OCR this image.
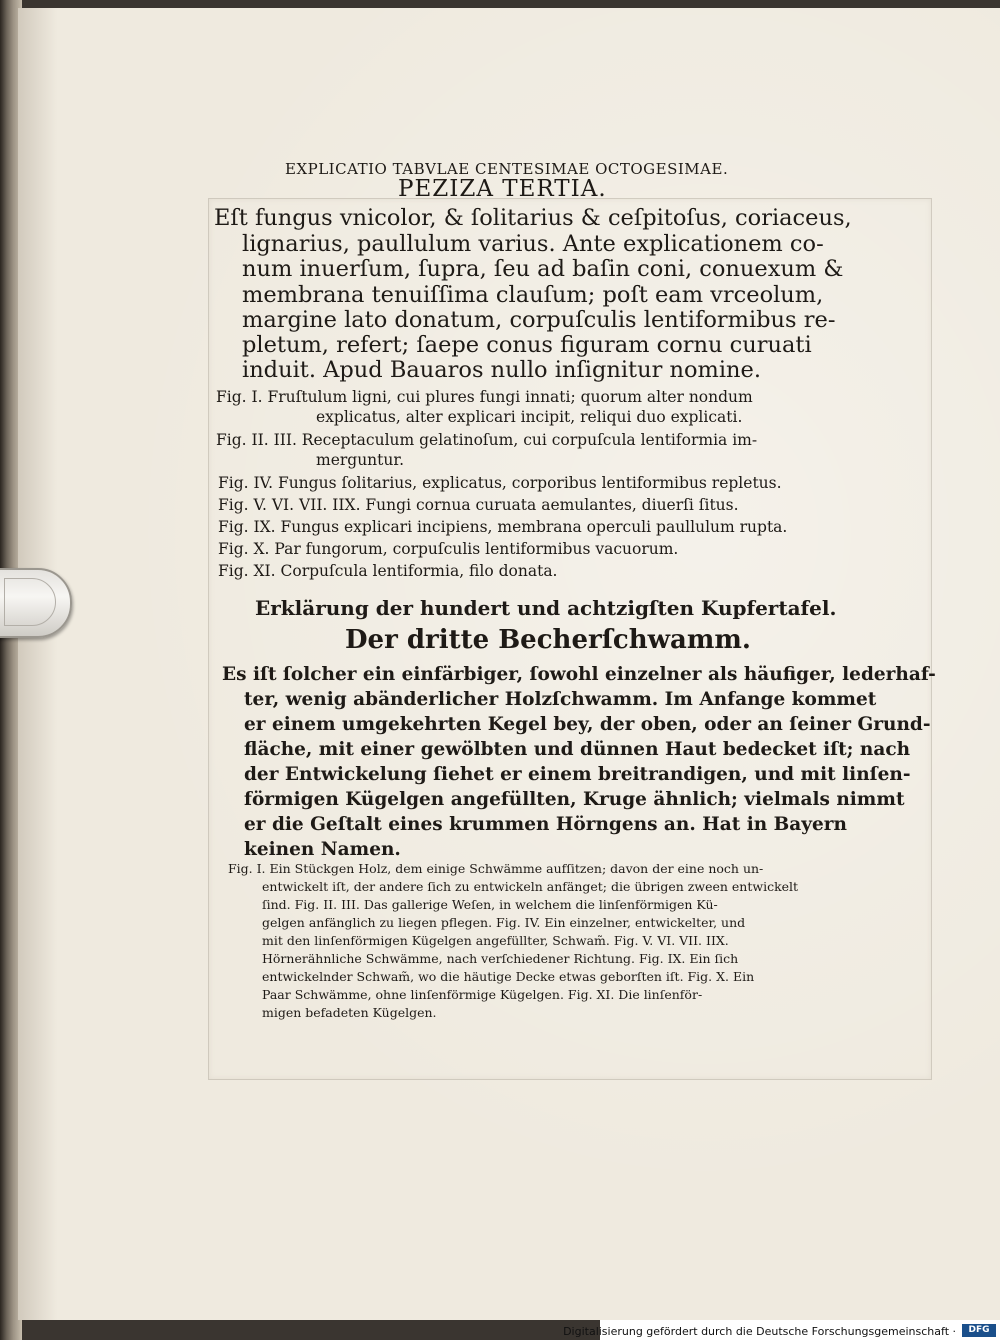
EXPLICATIO TABVLAE CENTESIMAE OCTOGESIMAE.
PEZIZA TERTIA.
Eſt fungus vnicolor, & ſolitarius & ceſpitoſus, coriaceus,
lignarius, paullulum varius. Ante explicationem co-
num inuerſum, ſupra, ſeu ad baſin coni, conuexum &
membrana tenuiſſima clauſum; poſt eam vrceolum,
margine lato donatum, corpuſculis lentiformibus re-
pletum, refert; ſaepe conus figuram cornu curuati
induit. Apud Bauaros nullo inſignitur nomine.
Fig. I. Fruſtulum ligni, cui plures fungi innati; quorum alter nondum
explicatus, alter explicari incipit, reliqui duo explicati.
Fig. II. III. Receptaculum gelatinoſum, cui corpuſcula lentiformia im-
merguntur.
Fig. IV. Fungus ſolitarius, explicatus, corporibus lentiformibus repletus.
Fig. V. VI. VII. IIX. Fungi cornua curuata aemulantes, diuerſi ſitus.
Fig. IX. Fungus explicari incipiens, membrana operculi paullulum rupta.
Fig. X. Par fungorum, corpuſculis lentiformibus vacuorum.
Fig. XI. Corpuſcula lentiformia, filo donata.
Erklärung der hundert und achtzigſten Kupfertafel.
Der dritte Becherſchwamm.
Es iſt ſolcher ein einfärbiger, ſowohl einzelner als häufiger, lederhaf-
ter, wenig abänderlicher Holzſchwamm. Im Anfange kommet
er einem umgekehrten Kegel bey, der oben, oder an ſeiner Grund-
fläche, mit einer gewölbten und dünnen Haut bedecket iſt; nach
der Entwickelung ſiehet er einem breitrandigen, und mit linſen-
förmigen Kügelgen angefüllten, Kruge ähnlich; vielmals nimmt
er die Geſtalt eines krummen Hörngens an. Hat in Bayern
keinen Namen.
Fig. I. Ein Stückgen Holz, dem einige Schwämme aufſitzen; davon der eine noch un-
entwickelt iſt, der andere ſich zu entwickeln anfänget; die übrigen zween entwickelt
ſind. Fig. II. III. Das gallerige Weſen, in welchem die linſenförmigen Kü-
gelgen anfänglich zu liegen pflegen. Fig. IV. Ein einzelner, entwickelter, und
mit den linſenförmigen Kügelgen angefüllter, Schwam̃. Fig. V. VI. VII. IIX.
Hörnerähnliche Schwämme, nach verſchiedener Richtung. Fig. IX. Ein ſich
entwickelnder Schwam̃, wo die häutige Decke etwas geborſten iſt. Fig. X. Ein
Paar Schwämme, ohne linſenförmige Kügelgen. Fig. XI. Die linſenför-
migen befadeten Kügelgen.
Digitalisierung gefördert durch die Deutsche Forschungsgemeinschaft ·	DFG
